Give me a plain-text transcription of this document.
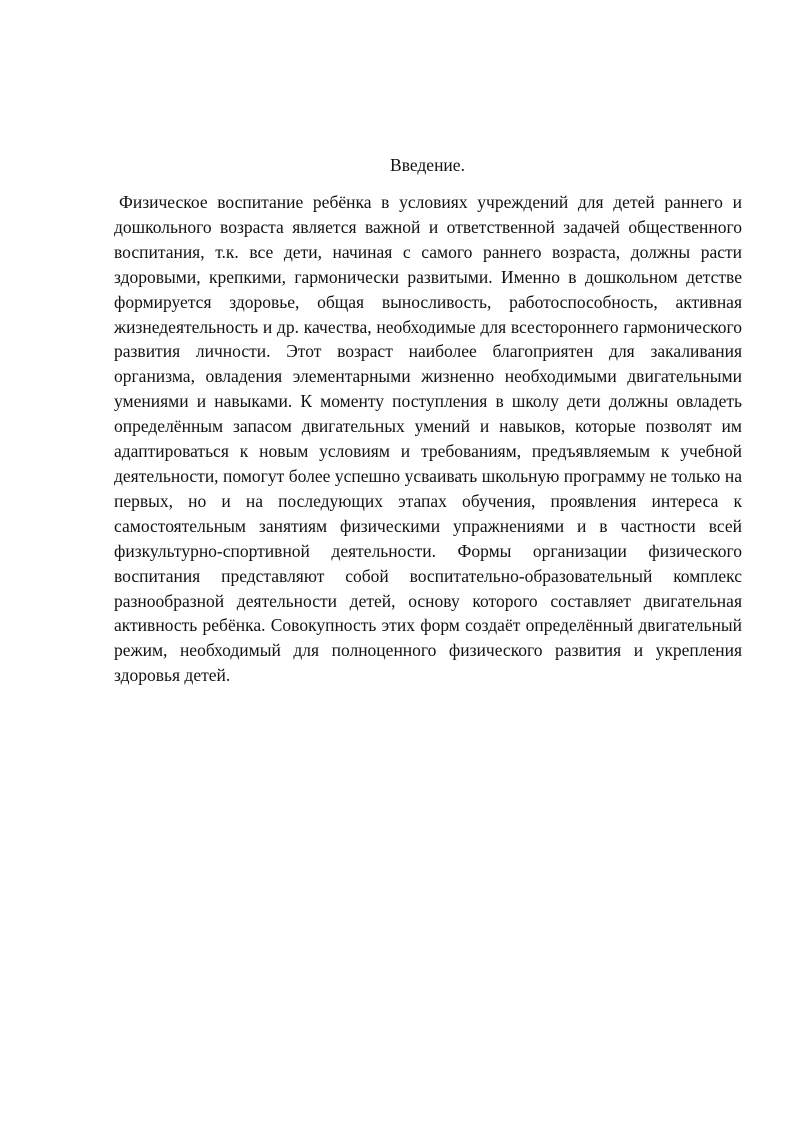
Введение.

Физическое воспитание ребёнка в условиях учреждений для детей раннего и дошкольного возраста является важной и ответственной задачей общественного воспитания, т.к. все дети, начиная с самого раннего возраста, должны расти здоровыми, крепкими, гармонически развитыми. Именно в дошкольном детстве формируется здоровье, общая выносливость, работоспособность, активная жизнедеятельность и др. качества, необходимые для всестороннего гармонического развития личности. Этот возраст наиболее благоприятен для закаливания организма, овладения элементарными жизненно необходимыми двигательными умениями и навыками. К моменту поступления в школу дети должны овладеть определённым запасом двигательных умений и навыков, которые позволят им адаптироваться к новым условиям и требованиям, предъявляемым к учебной деятельности, помогут более успешно усваивать школьную программу не только на первых, но и на последующих этапах обучения, проявления интереса к самостоятельным занятиям физическими упражнениями и в частности всей физкультурно-спортивной деятельности. Формы организации физического воспитания представляют собой воспитательно-образовательный комплекс разнообразной деятельности детей, основу которого составляет двигательная активность ребёнка. Совокупность этих форм создаёт определённый двигательный режим, необходимый для полноценного физического развития и укрепления здоровья детей.
